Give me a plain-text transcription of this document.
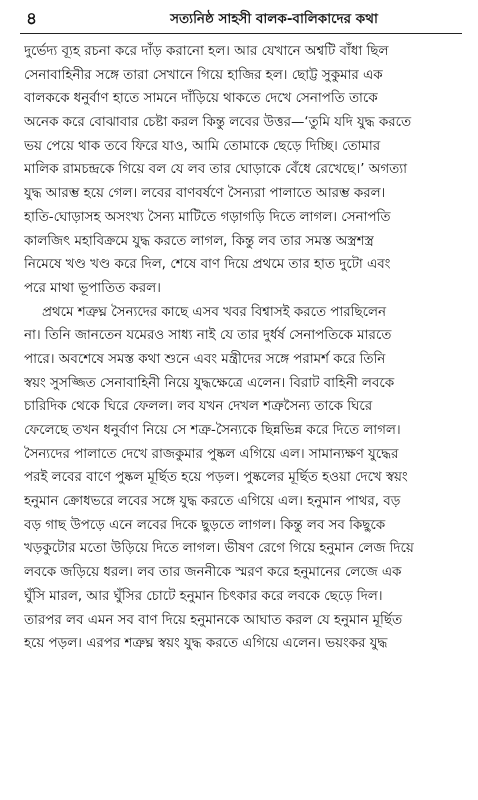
৪	সত্যনিষ্ঠ সাহসী বালক-বালিকাদের কথা
দুর্ভেদ্য ব্যূহ রচনা করে দাঁড় করানো হল। আর যেখানে অশ্বটি বাঁধা ছিল
সেনাবাহিনীর সঙ্গে তারা সেখানে গিয়ে হাজির হল। ছোট্ট সুকুমার এক
বালককে ধনুর্বাণ হাতে সামনে দাঁড়িয়ে থাকতে দেখে সেনাপতি তাকে
অনেক করে বোঝাবার চেষ্টা করল কিন্তু লবের উত্তর—‘তুমি যদি যুদ্ধ করতে
ভয় পেয়ে থাক তবে ফিরে যাও, আমি তোমাকে ছেড়ে দিচ্ছি। তোমার
মালিক রামচন্দ্রকে গিয়ে বল যে লব তার ঘোড়াকে বেঁধে রেখেছে।’ অগত্যা
যুদ্ধ আরম্ভ হয়ে গেল। লবের বাণবর্ষণে সৈন্যরা পালাতে আরম্ভ করল।
হাতি-ঘোড়াসহ অসংখ্য সৈন্য মাটিতে গড়াগড়ি দিতে লাগল। সেনাপতি
কালজিৎ মহাবিক্রমে যুদ্ধ করতে লাগল, কিন্তু লব তার সমস্ত অস্ত্রশস্ত্র
নিমেষে খণ্ড খণ্ড করে দিল, শেষে বাণ দিয়ে প্রথমে তার হাত দুটো এবং
পরে মাথা ভূপাতিত করল।
প্রথমে শত্রুঘ্ন সৈন্যদের কাছে এসব খবর বিশ্বাসই করতে পারছিলেন
না। তিনি জানতেন যমেরও সাধ্য নাই যে তার দুর্ধর্ষ সেনাপতিকে মারতে
পারে। অবশেষে সমস্ত কথা শুনে এবং মন্ত্রীদের সঙ্গে পরামর্শ করে তিনি
স্বয়ং সুসজ্জিত সেনাবাহিনী নিয়ে যুদ্ধক্ষেত্রে এলেন। বিরাট বাহিনী লবকে
চারিদিক থেকে ঘিরে ফেলল। লব যখন দেখল শত্রুসৈন্য তাকে ঘিরে
ফেলেছে তখন ধনুর্বাণ নিয়ে সে শত্রু-সৈন্যকে ছিন্নভিন্ন করে দিতে লাগল।
সৈন্যদের পালাতে দেখে রাজকুমার পুষ্কল এগিয়ে এল। সামান্যক্ষণ যুদ্ধের
পরই লবের বাণে পুষ্কল মূর্ছিত হয়ে পড়ল। পুষ্কলের মূর্ছিত হওয়া দেখে স্বয়ং
হনুমান ক্রোধভরে লবের সঙ্গে যুদ্ধ করতে এগিয়ে এল। হনুমান পাথর, বড়
বড় গাছ উপড়ে এনে লবের দিকে ছুড়তে লাগল। কিন্তু লব সব কিছুকে
খড়কুটোর মতো উড়িয়ে দিতে লাগল। ভীষণ রেগে গিয়ে হনুমান লেজ দিয়ে
লবকে জড়িয়ে ধরল। লব তার জননীকে স্মরণ করে হনুমানের লেজে এক
ঘুঁসি মারল, আর ঘুঁসির চোটে হনুমান চিৎকার করে লবকে ছেড়ে দিল।
তারপর লব এমন সব বাণ দিয়ে হনুমানকে আঘাত করল যে হনুমান মূর্ছিত
হয়ে পড়ল। এরপর শত্রুঘ্ন স্বয়ং যুদ্ধ করতে এগিয়ে এলেন। ভয়ংকর যুদ্ধ
